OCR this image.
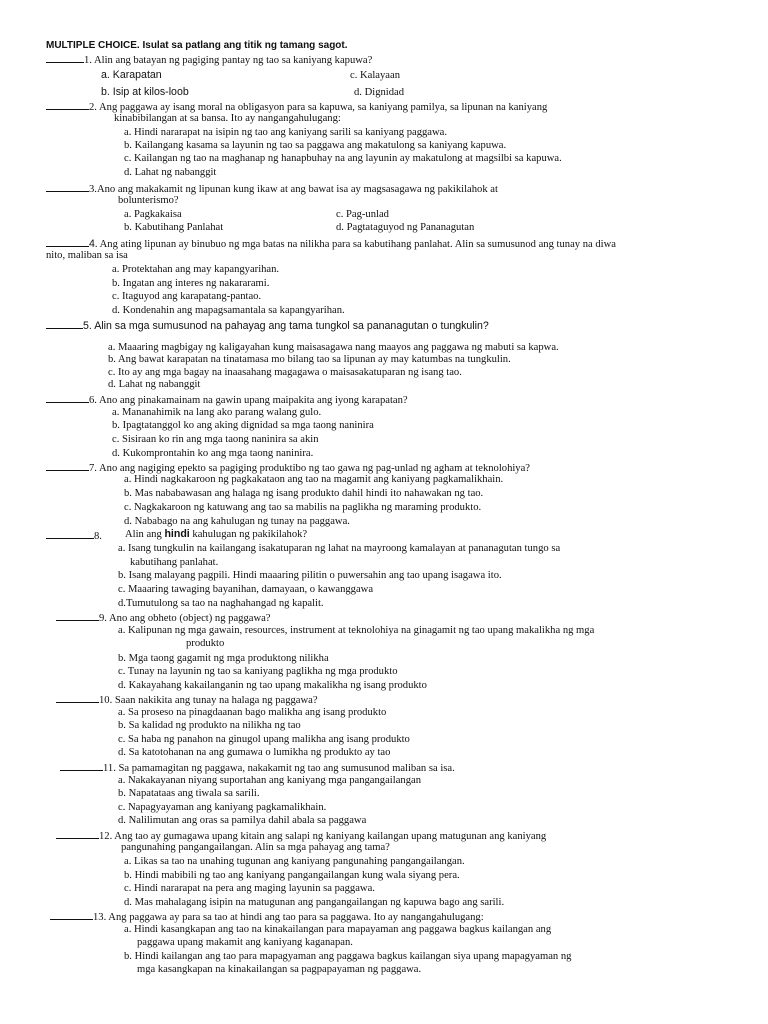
MULTIPLE CHOICE. Isulat sa patlang ang titik ng tamang sagot.
1. Alin ang batayan ng pagiging pantay ng tao sa kaniyang kapuwa?
a. Karapatan	c. Kalayaan
b. Isip at kilos-loob	d. Dignidad
2. Ang paggawa ay isang moral na obligasyon para sa kapuwa, sa kaniyang pamilya, sa lipunan na kaniyang
kinabibilangan at sa bansa. Ito ay nangangahulugang:
a. Hindi nararapat na isipin ng tao ang kaniyang sarili sa kaniyang paggawa.
b. Kailangang kasama sa layunin ng tao sa paggawa ang makatulong sa kaniyang kapuwa.
c. Kailangan ng tao na maghanap ng hanapbuhay na ang layunin ay makatulong at magsilbi sa kapuwa.
d. Lahat ng nabanggit
3.Ano ang makakamit ng lipunan kung ikaw at ang bawat isa ay magsasagawa ng pakikilahok at
bolunterismo?
a. Pagkakaisa	c. Pag-unlad
b. Kabutihang Panlahat	d. Pagtataguyod ng Pananagutan
4. Ang ating lipunan ay binubuo ng mga batas na nilikha para sa kabutihang panlahat. Alin sa sumusunod ang tunay na diwa
nito, maliban sa isa
a. Protektahan ang may kapangyarihan.
b. Ingatan ang interes ng nakararami.
c. Itaguyod ang karapatang-pantao.
d. Kondenahin ang mapagsamantala sa kapangyarihan.
5. Alin sa mga sumusunod na pahayag ang tama tungkol sa pananagutan o tungkulin?
a. Maaaring magbigay ng kaligayahan kung maisasagawa nang maayos ang paggawa ng mabuti sa kapwa.
b. Ang bawat karapatan na tinatamasa mo bilang tao sa lipunan ay may katumbas na tungkulin.
c. Ito ay ang mga bagay na inaasahang magagawa o maisasakatuparan ng isang tao.
d. Lahat ng nabanggit
6. Ano ang pinakamainam na gawin upang maipakita ang iyong karapatan?
a. Mananahimik na lang ako parang walang gulo.
b. Ipagtatanggol ko ang aking dignidad sa mga taong naninira
c. Sisiraan ko rin ang mga taong naninira sa akin
d. Kukomprontahin ko ang mga taong naninira.
7. Ano ang nagiging epekto sa pagiging produktibo ng tao gawa ng pag-unlad ng agham at teknolohiya?
a. Hindi nagkakaroon ng pagkakataon ang tao na magamit ang kaniyang pagkamalikhain.
b. Mas nababawasan ang halaga ng isang produkto dahil hindi ito nahawakan ng tao.
c. Nagkakaroon ng katuwang ang tao sa mabilis na paglikha ng maraming produkto.
d. Nababago na ang kahulugan ng tunay na paggawa.
8. Alin ang hindi kahulugan ng pakikilahok?
a. Isang tungkulin na kailangang isakatuparan ng lahat na mayroong kamalayan at pananagutan tungo sa
kabutihang panlahat.
b. Isang malayang pagpili. Hindi maaaring pilitin o puwersahin ang tao upang isagawa ito.
c. Maaaring tawaging bayanihan, damayaan, o kawanggawa
d.Tumutulong sa tao na naghahangad ng kapalit.
9. Ano ang obheto (object) ng paggawa?
a. Kalipunan ng mga gawain, resources, instrument at teknolohiya na ginagamit ng tao upang makalikha ng mga
produkto
b. Mga taong gagamit ng mga produktong nilikha
c. Tunay na layunin ng tao sa kaniyang paglikha ng mga produkto
d. Kakayahang kakailanganin ng tao upang makalikha ng isang produkto
10. Saan nakikita ang tunay na halaga ng paggawa?
a. Sa proseso na pinagdaanan bago malikha ang isang produkto
b. Sa kalidad ng produkto na nilikha ng tao
c. Sa haba ng panahon na ginugol upang malikha ang isang produkto
d. Sa katotohanan na ang gumawa o lumikha ng produkto ay tao
11. Sa pamamagitan ng paggawa, nakakamit ng tao ang sumusunod maliban sa isa.
a. Nakakayanan niyang suportahan ang kaniyang mga pangangailangan
b. Napatataas ang tiwala sa sarili.
c. Napagyayaman ang kaniyang pagkamalikhain.
d. Nalilimutan ang oras sa pamilya dahil abala sa paggawa
12. Ang tao ay gumagawa upang kitain ang salapi ng kaniyang kailangan upang matugunan ang kaniyang
pangunahing pangangailangan. Alin sa mga pahayag ang tama?
a. Likas sa tao na unahing tugunan ang kaniyang pangunahing pangangailangan.
b. Hindi mabibili ng tao ang kaniyang pangangailangan kung wala siyang pera.
c. Hindi nararapat na pera ang maging layunin sa paggawa.
d. Mas mahalagang isipin na matugunan ang pangangailangan ng kapuwa bago ang sarili.
13. Ang paggawa ay para sa tao at hindi ang tao para sa paggawa. Ito ay nangangahulugang:
a. Hindi kasangkapan ang tao na kinakailangan para mapayaman ang paggawa bagkus kailangan ang
paggawa upang makamit ang kaniyang kaganapan.
b. Hindi kailangan ang tao para mapagyaman ang paggawa bagkus kailangan siya upang mapagyaman ng
mga kasangkapan na kinakailangan sa pagpapayaman ng paggawa.
